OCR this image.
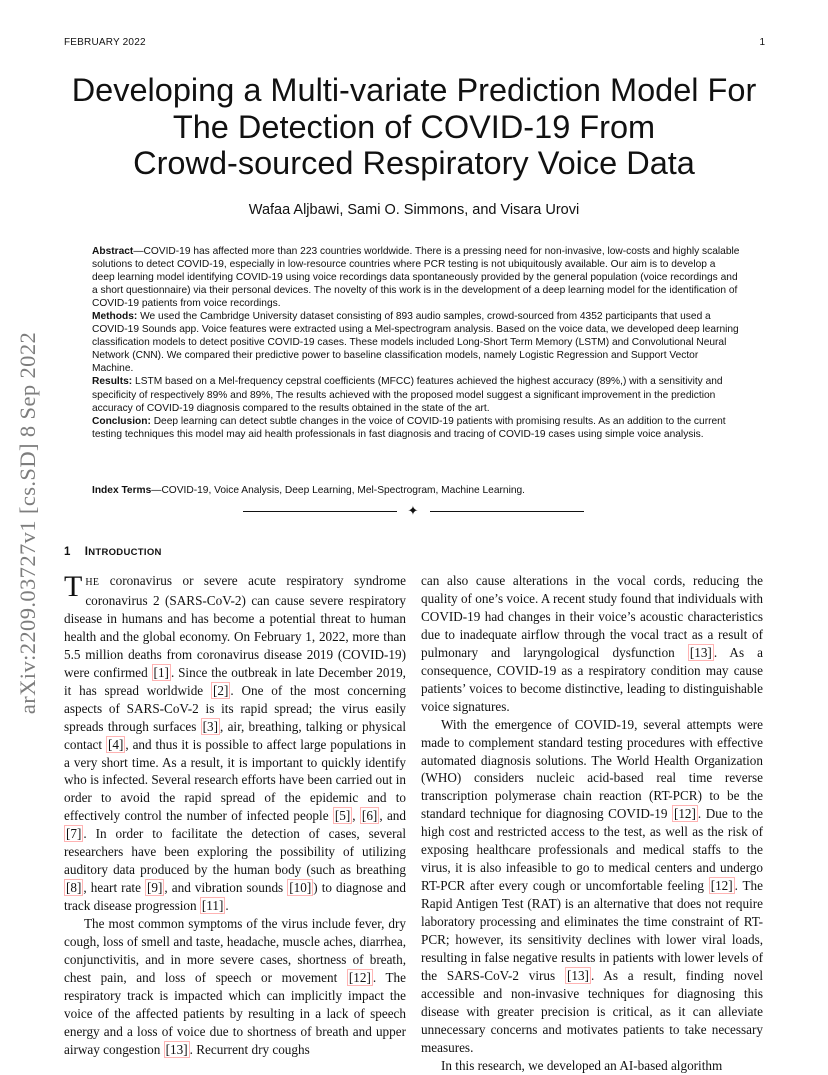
FEBRUARY 2022	1
arXiv:2209.03727v1 [cs.SD] 8 Sep 2022
Developing a Multi-variate Prediction Model For
The Detection of COVID-19 From
Crowd-sourced Respiratory Voice Data
Wafaa Aljbawi, Sami O. Simmons, and Visara Urovi

Abstract—COVID-19 has affected more than 223 countries worldwide. There is a pressing need for non-invasive, low-costs and highly scalable solutions to detect COVID-19, especially in low-resource countries where PCR testing is not ubiquitously available. Our aim is to develop a deep learning model identifying COVID-19 using voice recordings data spontaneously provided by the general population (voice recordings and a short questionnaire) via their personal devices. The novelty of this work is in the development of a deep learning model for the identification of COVID-19 patients from voice recordings.

Methods: We used the Cambridge University dataset consisting of 893 audio samples, crowd-sourced from 4352 participants that used a COVID-19 Sounds app. Voice features were extracted using a Mel-spectrogram analysis. Based on the voice data, we developed deep learning classification models to detect positive COVID-19 cases. These models included Long-Short Term Memory (LSTM) and Convolutional Neural Network (CNN). We compared their predictive power to baseline classification models, namely Logistic Regression and Support Vector Machine.

Results: LSTM based on a Mel-frequency cepstral coefficients (MFCC) features achieved the highest accuracy (89%,) with a sensitivity and specificity of respectively 89% and 89%, The results achieved with the proposed model suggest a significant improvement in the prediction accuracy of COVID-19 diagnosis compared to the results obtained in the state of the art.

Conclusion: Deep learning can detect subtle changes in the voice of COVID-19 patients with promising results. As an addition to the current testing techniques this model may aid health professionals in fast diagnosis and tracing of COVID-19 cases using simple voice analysis.

Index Terms—COVID-19, Voice Analysis, Deep Learning, Mel-Spectrogram, Machine Learning.
✦
1 INTRODUCTION

THE coronavirus or severe acute respiratory syndrome coronavirus 2 (SARS-CoV-2) can cause severe respiratory disease in humans and has become a potential threat to human health and the global economy. On February 1, 2022, more than 5.5 million deaths from coronavirus disease 2019 (COVID-19) were confirmed [1] . Since the outbreak in late December 2019, it has spread worldwide [2] . One of the most concerning aspects of SARS-CoV-2 is its rapid spread; the virus easily spreads through surfaces [3] , air, breathing, talking or physical contact [4] , and thus it is possible to affect large populations in a very short time. As a result, it is important to quickly identify who is infected. Several research efforts have been carried out in order to avoid the rapid spread of the epidemic and to effectively control the number of infected people [5] , [6] , and [7] . In order to facilitate the detection of cases, several researchers have been exploring the possibility of utilizing auditory data produced by the human body (such as breathing [8] , heart rate [9] , and vibration sounds [10] ) to diagnose and track disease progression [11] .

The most common symptoms of the virus include fever, dry cough, loss of smell and taste, headache, muscle aches, diarrhea, conjunctivitis, and in more severe cases, shortness of breath, chest pain, and loss of speech or movement [12] . The respiratory track is impacted which can implicitly impact the voice of the affected patients by resulting in a lack of speech energy and a loss of voice due to shortness of breath and upper airway congestion [13] . Recurrent dry coughs

can also cause alterations in the vocal cords, reducing the quality of one’s voice. A recent study found that individuals with COVID-19 had changes in their voice’s acoustic characteristics due to inadequate airflow through the vocal tract as a result of pulmonary and laryngological dysfunction [13] . As a consequence, COVID-19 as a respiratory condition may cause patients’ voices to become distinctive, leading to distinguishable voice signatures.

With the emergence of COVID-19, several attempts were made to complement standard testing procedures with effective automated diagnosis solutions. The World Health Organization (WHO) considers nucleic acid-based real time reverse transcription polymerase chain reaction (RT-PCR) to be the standard technique for diagnosing COVID-19 [12] . Due to the high cost and restricted access to the test, as well as the risk of exposing healthcare professionals and medical staffs to the virus, it is also infeasible to go to medical centers and undergo RT-PCR after every cough or uncomfortable feeling [12] . The Rapid Antigen Test (RAT) is an alternative that does not require laboratory processing and eliminates the time constraint of RT-PCR; however, its sensitivity declines with lower viral loads, resulting in false negative results in patients with lower levels of the SARS-CoV-2 virus [13] . As a result, finding novel accessible and non-invasive techniques for diagnosing this disease with greater precision is critical, as it can alleviate unnecessary concerns and motivates patients to take necessary measures.

In this research, we developed an AI-based algorithm
